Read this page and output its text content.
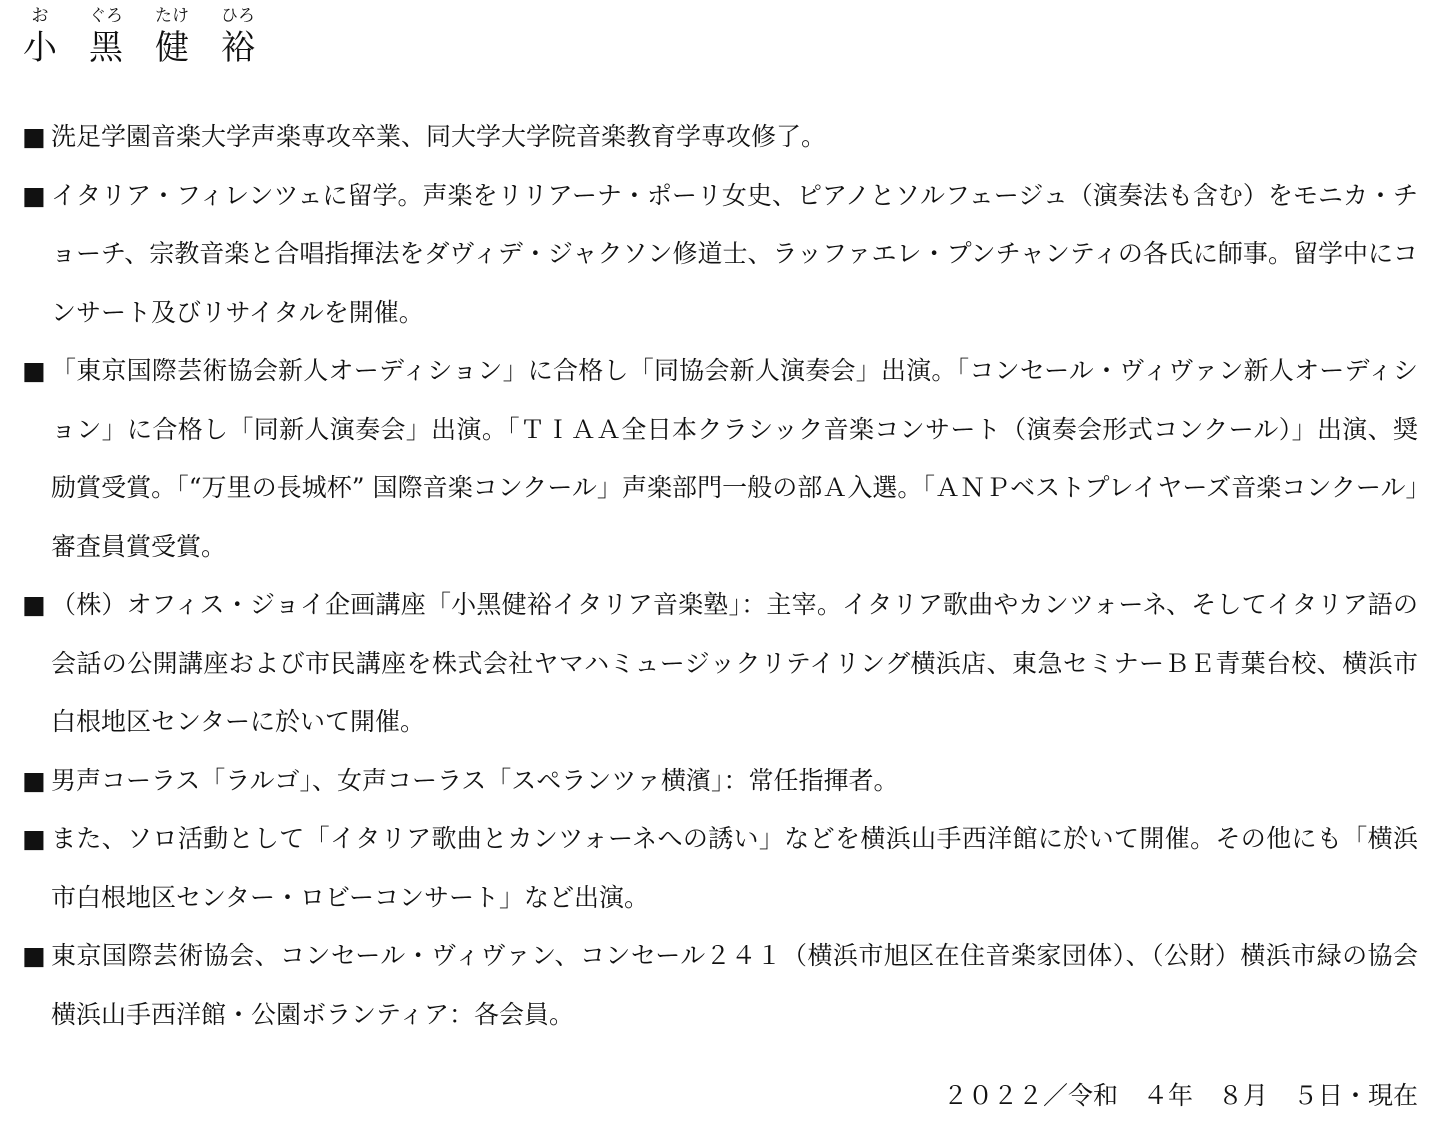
お
小
ぐろ
黑
たけ
健
ひろ
裕
■ 洗足学園音楽大学声楽専攻卒業、同大学大学院音楽教育学専攻修了。
■ イタリア・フィレンツェに留学。声楽をリリアーナ・ポーリ女史、ピアノとソルフェージュ（演奏法も含む）をモニカ・チョーチ、宗教音楽と合唱指揮法をダヴィデ・ジャクソン修道士、ラッファエレ・プンチャンティの各氏に師事。留学中にコンサート及びリサイタルを開催。
■ 「東京国際芸術協会新人オーディション」に合格し「同協会新人演奏会」出演。「コンセール・ヴィヴァン新人オーディション」に合格し「同新人演奏会」出演。「ＴＩＡＡ全日本クラシック音楽コンサート（演奏会形式コンクール）」出演、奨励賞受賞。「“万里の長城杯” 国際音楽コンクール」声楽部門一般の部Ａ入選。「ＡＮＰベストプレイヤーズ音楽コンクール」審査員賞受賞。
■ （株）オフィス・ジョイ企画講座「小黑健裕イタリア音楽塾」：主宰。イタリア歌曲やカンツォーネ、そしてイタリア語の会話の公開講座および市民講座を株式会社ヤマハミュージックリテイリング横浜店、東急セミナーＢＥ青葉台校、横浜市白根地区センターに於いて開催。
■ 男声コーラス「ラルゴ」、女声コーラス「スペランツァ横濱」：常任指揮者。
■ また、ソロ活動として「イタリア歌曲とカンツォーネへの誘い」などを横浜山手西洋館に於いて開催。その他にも「横浜市白根地区センター・ロビーコンサート」など出演。
■ 東京国際芸術協会、コンセール・ヴィヴァン、コンセール２４１（横浜市旭区在住音楽家団体）、（公財）横浜市緑の協会 横浜山手西洋館・公園ボランティア：各会員。
２０２２／令和　４年　８月　５日・現在
